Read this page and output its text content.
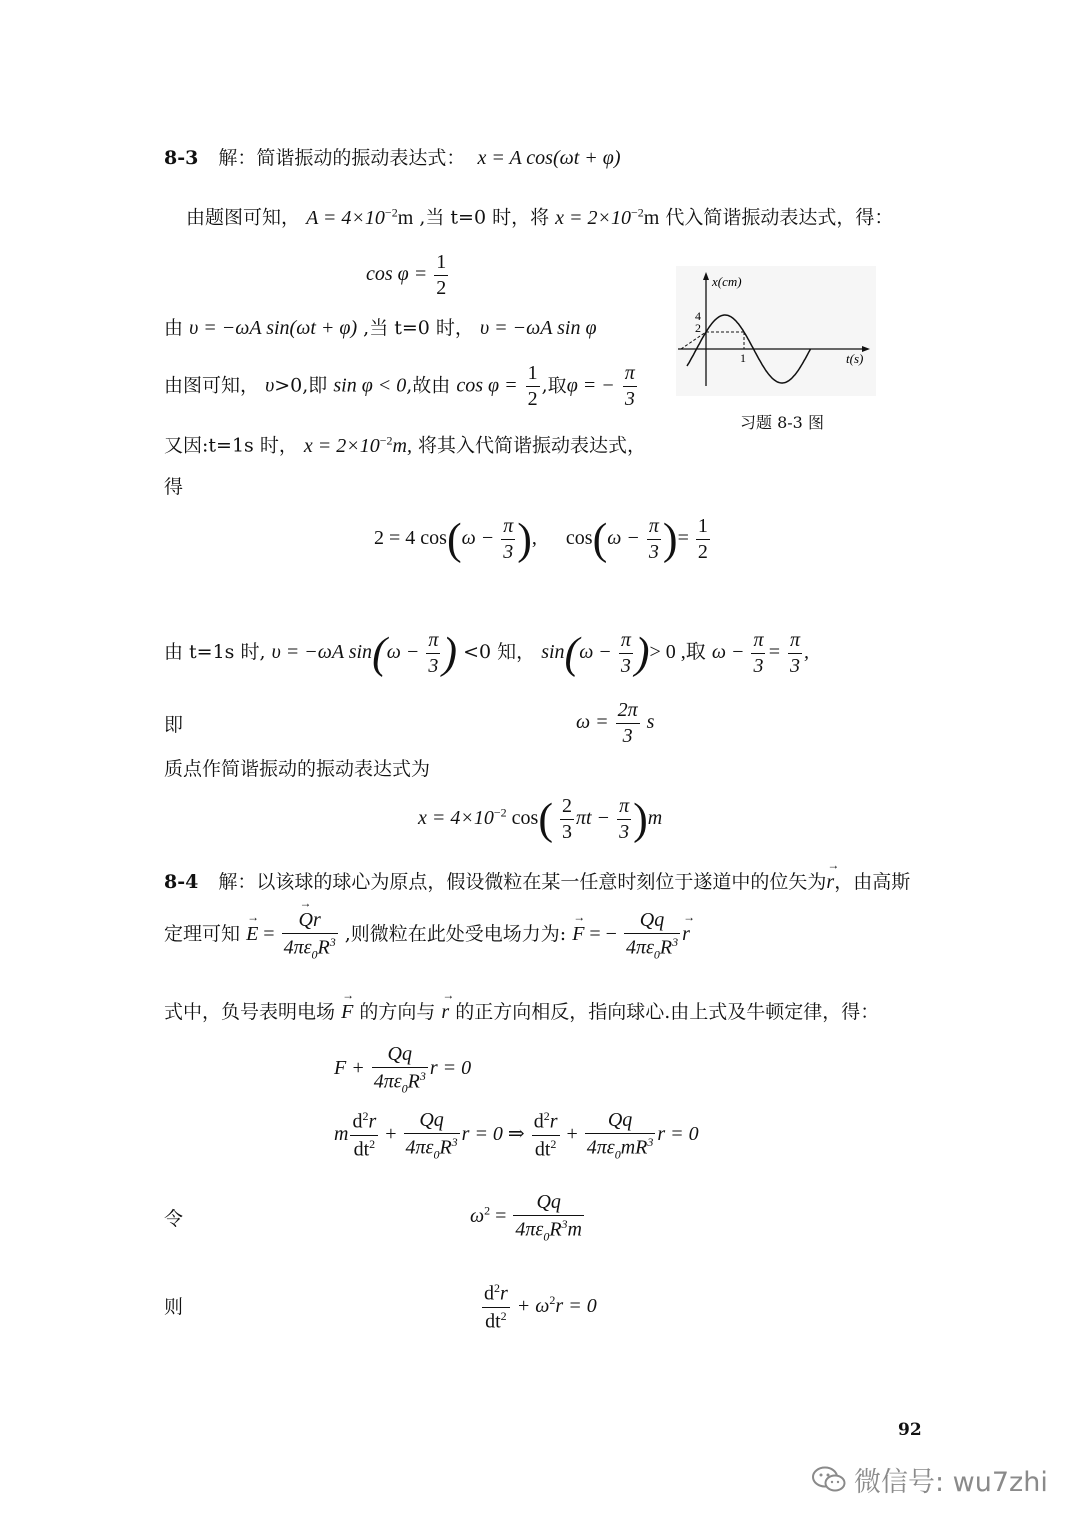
8-3 解：简谐振动的振动表达式： x = A cos(ωt + φ)
由题图可知， $A = 4\times 10^{-2}m$ ,当 t=0 时，将 $x = 2\times 10^{-2}m$ 代入简谐振动表达式，得：
$\cos \varphi = \frac{1}{2}$
由 υ = −ωA sin(ωt + φ) ,当 t=0 时， υ = −ωA sin φ
由图可知， υ>0,即 sin φ < 0,故由 $\cos \varphi = \frac{1}{2}$ ,取φ = − $\frac{\pi}{3}$
又因:t=1s 时， $x = 2\times 10^{-2}m$, 将其入代简谐振动表达式，
得
2 = 4 $\cos(\omega - \frac{\pi}{3}$ ), $\cos(\omega - \frac{\pi}{3}$ )= $\frac{1}{2}$
由 t=1s 时, υ = −ωA $\sin(\omega - \frac{\pi}{3}$ ) <0 知， $\sin(\omega - \frac{\pi}{3}$ )> 0 ,取 $\omega - \frac{\pi}{3} = \frac{\pi}{3}$ ,
即	$\omega = \frac{2\pi}{3}$ s
质点作简谐振动的振动表达式为
$x = 4\times 10^{-2}$ $\cos( \frac{2}{3}$ $\pi t - \frac{\pi}{3} )m$
x(cm)
t(s)
4
2
1
习题 8-3 图
8-4 解：以该球的球心为原点，假设微粒在某一任意时刻位于遂道中的位矢为→ r，由高斯
定理可知 → E =
→ $\frac{Qr}{4\pi\varepsilon_0R^3}$ ,则微粒在此处受电场力为: → F = − $\frac{Qq}{4\pi\varepsilon_0R^3}$
→ r
式中，负号表明电场 → F 的方向与 → r 的正方向相反，指向球心.由上式及牛顿定律，得：
$F + \frac{Qq}{4\pi\varepsilon_0R^3}$ r = 0
m $\frac{d^2r}{dt^2} + \frac{Qq}{4\pi\varepsilon_0R^3}$ r = 0 ⇒ $\frac{d^2r}{dt^2} + \frac{Qq}{4\pi\varepsilon_0mR^3}$ r = 0
令	$\omega^2 = \frac{Qq}{4\pi\varepsilon_0R^3m}$
则	$\frac{d^2r}{dt^2} + \omega^2r = 0$
92
微信号: wu7zhi
